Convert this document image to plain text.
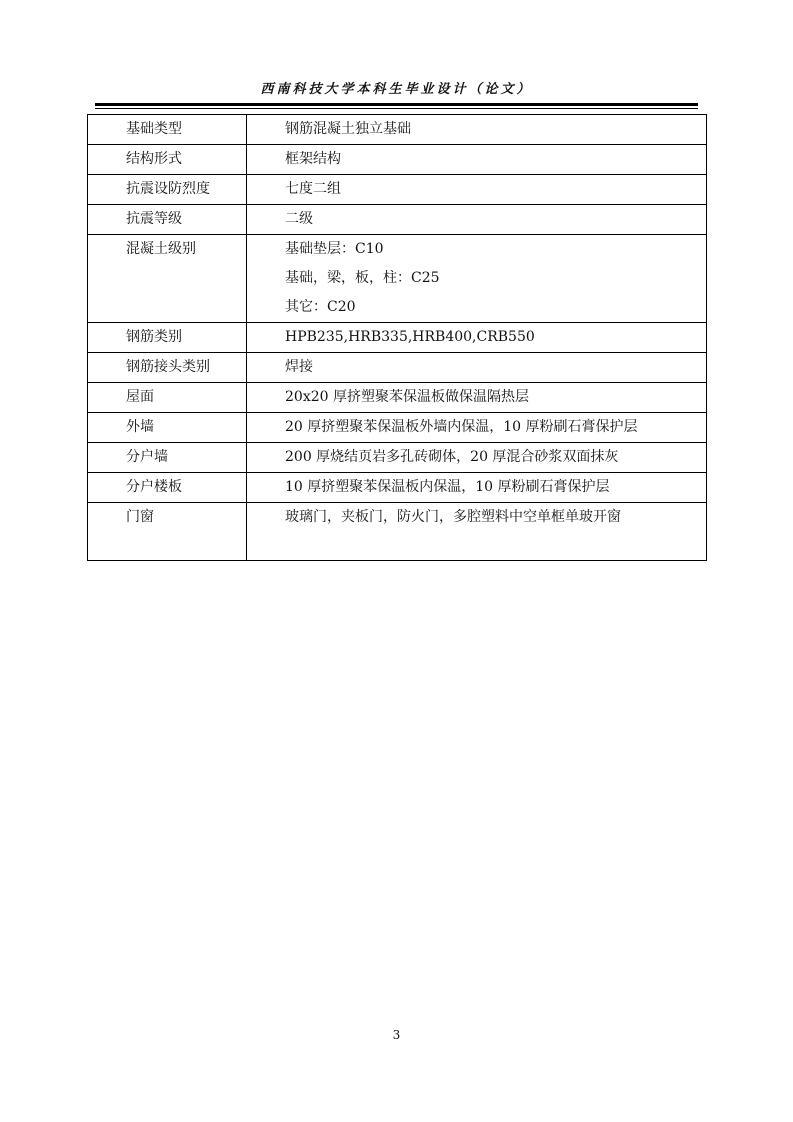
西南科技大学本科生毕业设计（论文）
基础类型	钢筋混凝土独立基础

结构形式	框架结构

抗震设防烈度	七度二组

抗震等级	二级

混凝土级别	基础垫层：C10
基础，梁，板，柱：C25
其它：C20

钢筋类别	HPB235,HRB335,HRB400,CRB550

钢筋接头类别	焊接

屋面	20x20 厚挤塑聚苯保温板做保温隔热层

外墙	20 厚挤塑聚苯保温板外墙内保温，10 厚粉刷石膏保护层

分户墙	200 厚烧结页岩多孔砖砌体，20 厚混合砂浆双面抹灰

分户楼板	10 厚挤塑聚苯保温板内保温，10 厚粉刷石膏保护层

门窗	玻璃门，夹板门，防火门，多腔塑料中空单框单玻开窗
3
